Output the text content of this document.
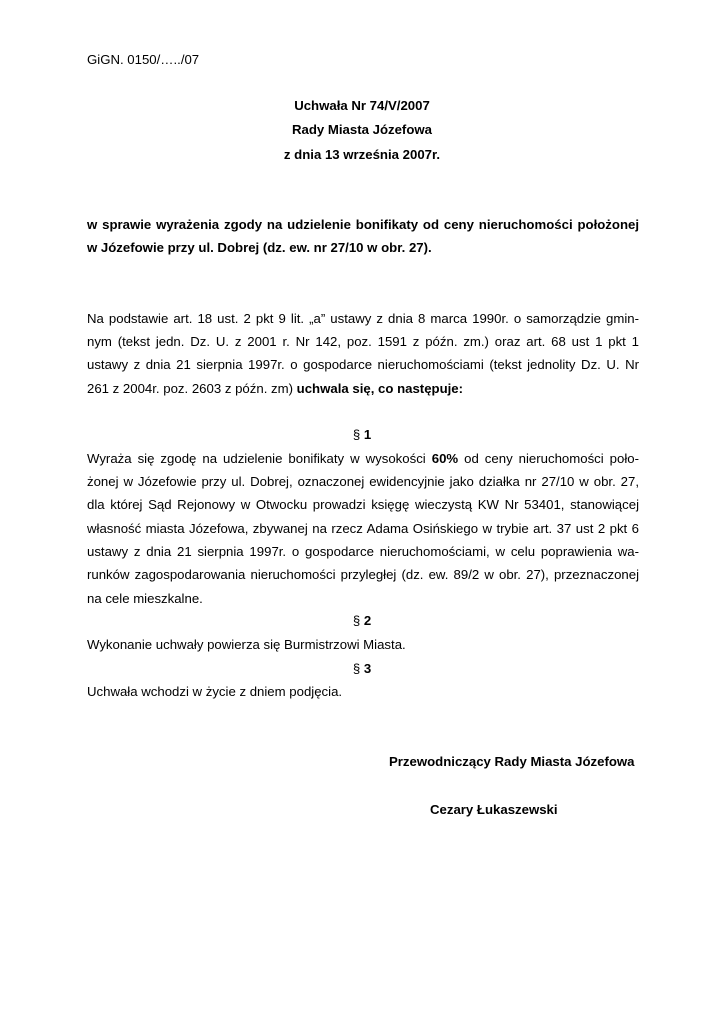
GiGN. 0150/…../07
Uchwała Nr 74/V/2007
Rady Miasta Józefowa
z dnia 13 września 2007r.
w sprawie wyrażenia zgody na udzielenie bonifikaty od ceny nieruchomości położonej
w Józefowie przy ul. Dobrej (dz. ew. nr 27/10 w obr. 27).
Na podstawie art. 18 ust. 2 pkt 9 lit. „a” ustawy z dnia 8 marca 1990r. o samorządzie gmin-
nym (tekst jedn. Dz. U. z 2001 r. Nr 142, poz. 1591 z późn. zm.) oraz art. 68 ust 1 pkt 1
ustawy z dnia 21 sierpnia 1997r. o gospodarce nieruchomościami (tekst jednolity Dz. U. Nr
261 z 2004r. poz. 2603 z późn. zm) uchwala się, co następuje:
§ 1
Wyraża się zgodę na udzielenie bonifikaty w wysokości 60% od ceny nieruchomości poło-
żonej w Józefowie przy ul. Dobrej, oznaczonej ewidencyjnie jako działka nr 27/10 w obr. 27,
dla której Sąd Rejonowy w Otwocku prowadzi księgę wieczystą KW Nr 53401, stanowiącej
własność miasta Józefowa, zbywanej na rzecz Adama Osińskiego w trybie art. 37 ust 2 pkt 6
ustawy z dnia 21 sierpnia 1997r. o gospodarce nieruchomościami, w celu poprawienia wa-
runków zagospodarowania nieruchomości przyległej (dz. ew. 89/2 w obr. 27), przeznaczonej
na cele mieszkalne.
§ 2
Wykonanie uchwały powierza się Burmistrzowi Miasta.
§ 3
Uchwała wchodzi w życie z dniem podjęcia.
Przewodniczący Rady Miasta Józefowa
Cezary Łukaszewski
